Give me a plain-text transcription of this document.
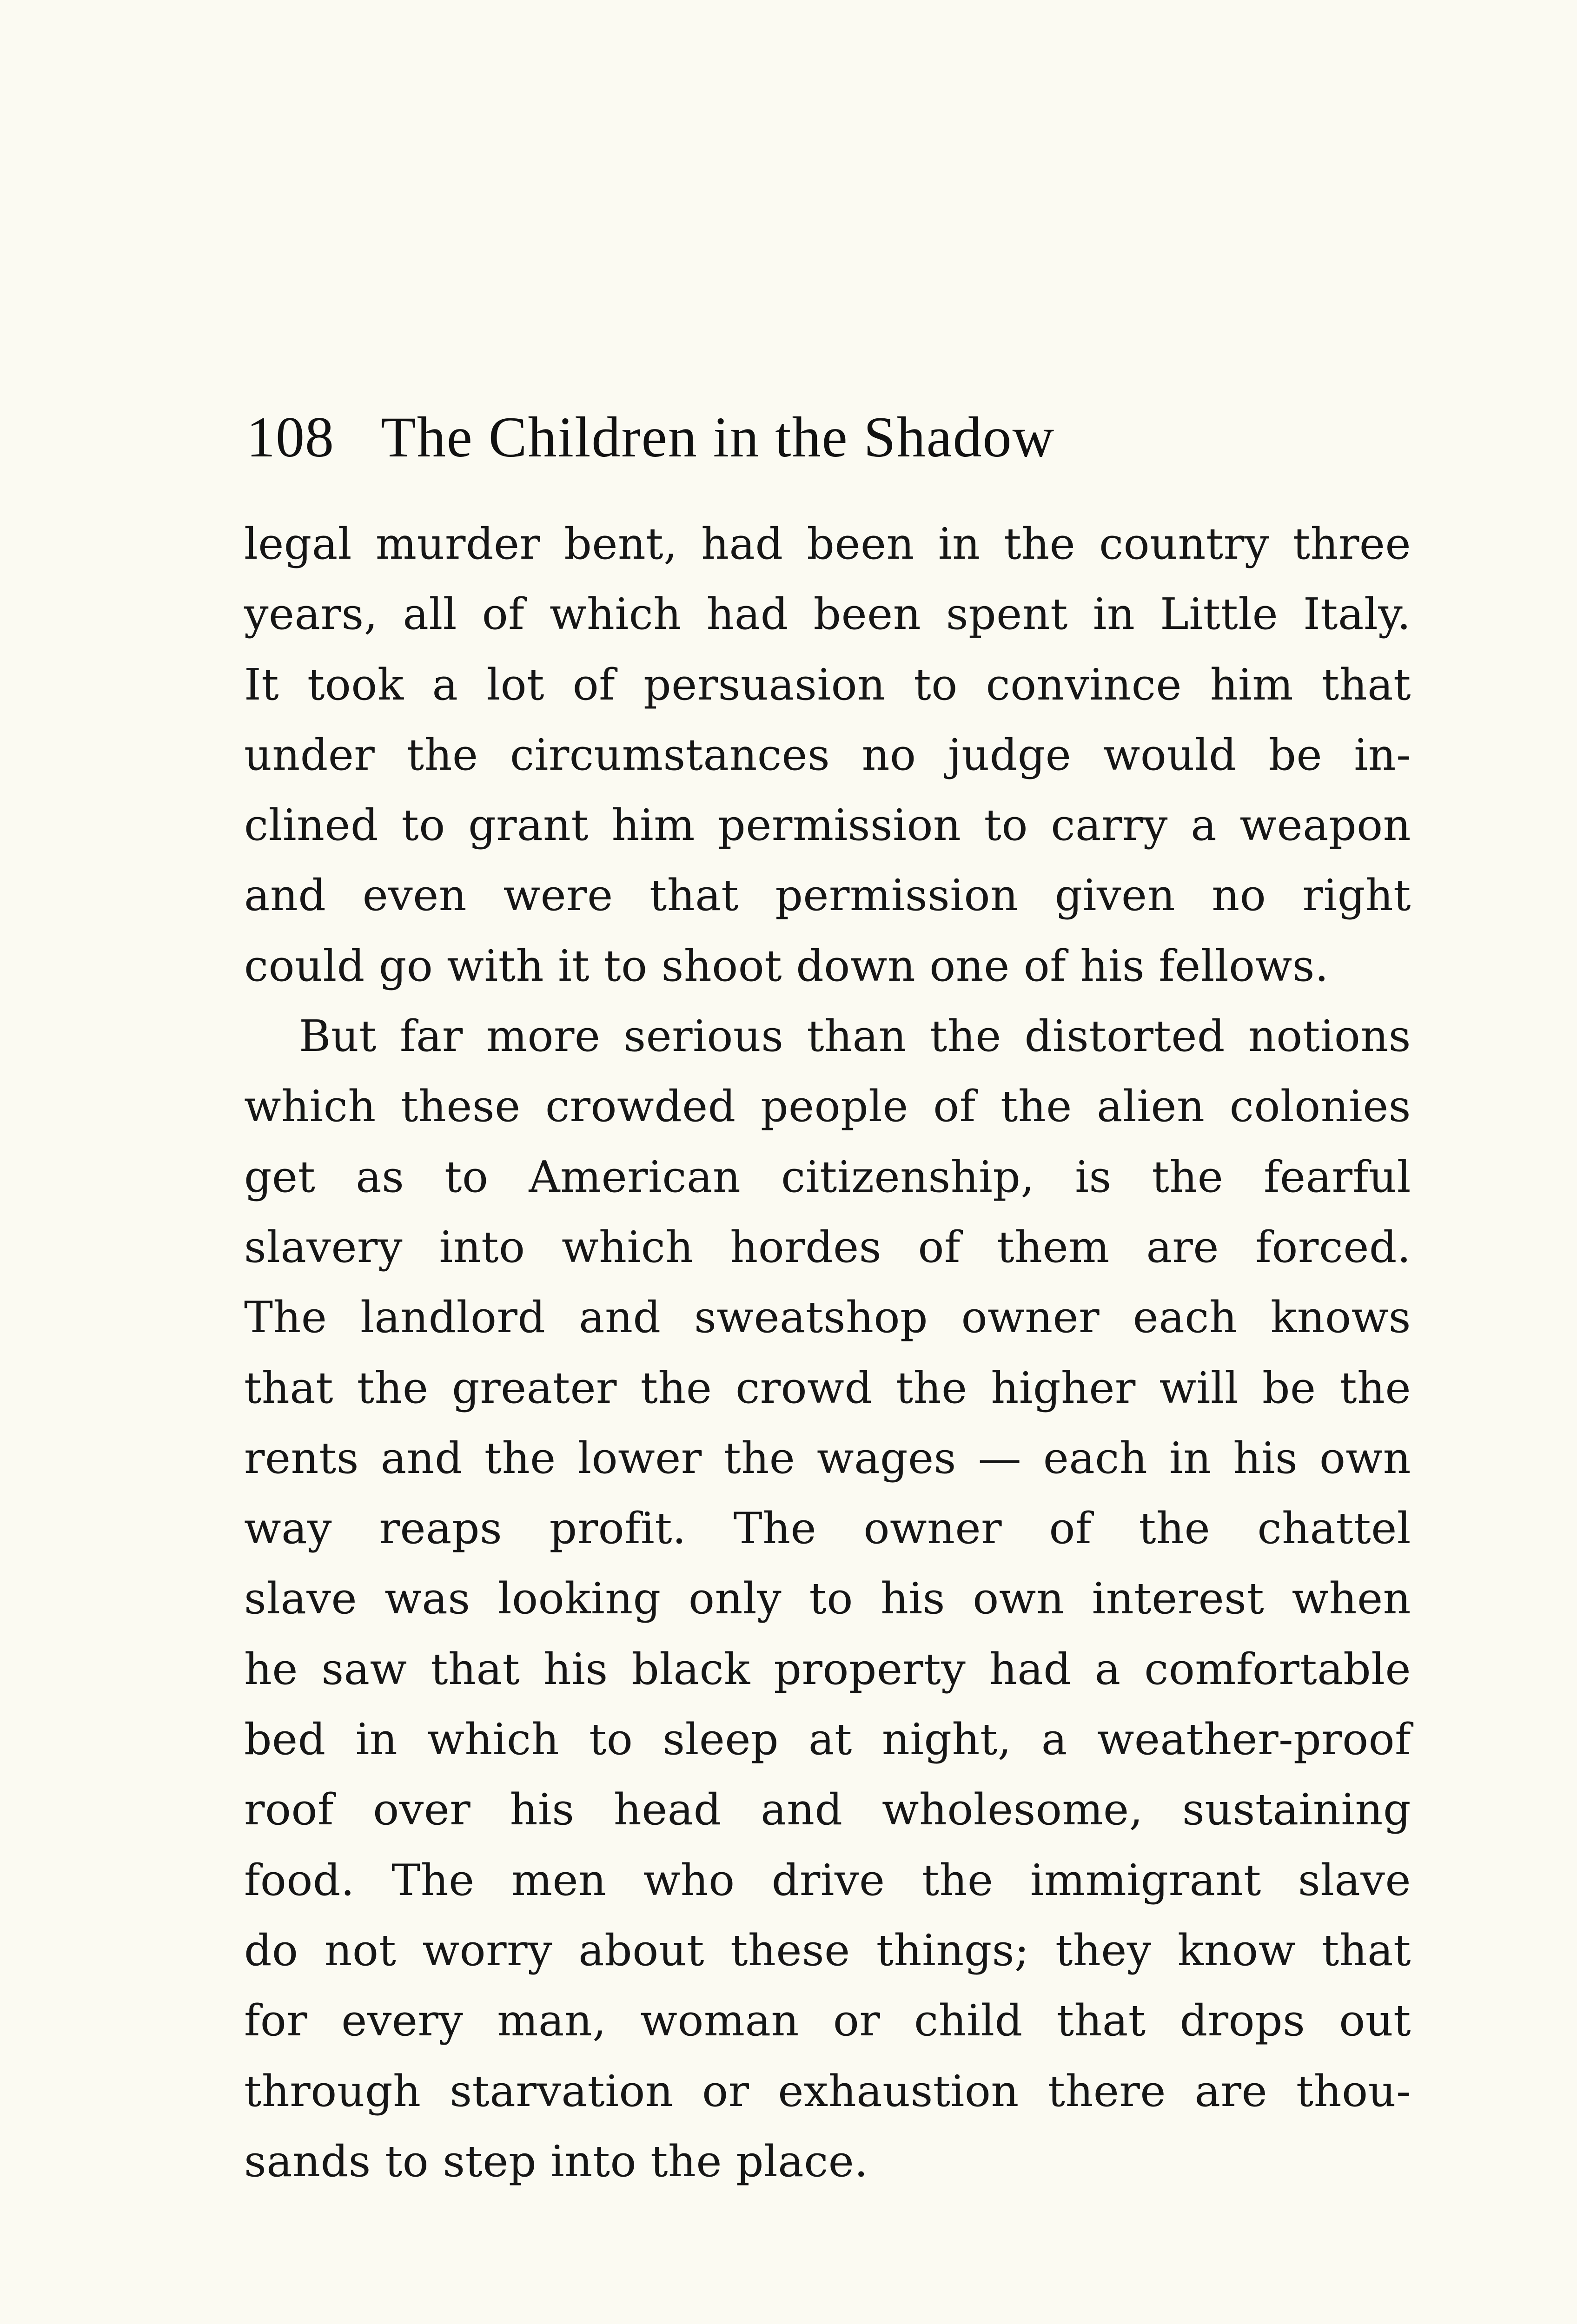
108 The Children in the Shadow
legal murder bent, had been in the country three
years, all of which had been spent in Little Italy.
It took a lot of persuasion to convince him that
under the circumstances no judge would be in-
clined to grant him permission to carry a weapon
and even were that permission given no right
could go with it to shoot down one of his fellows.
But far more serious than the distorted notions
which these crowded people of the alien colonies
get as to American citizenship, is the fearful
slavery into which hordes of them are forced.
The landlord and sweatshop owner each knows
that the greater the crowd the higher will be the
rents and the lower the wages — each in his own
way reaps profit. The owner of the chattel
slave was looking only to his own interest when
he saw that his black property had a comfortable
bed in which to sleep at night, a weather-proof
roof over his head and wholesome, sustaining
food. The men who drive the immigrant slave
do not worry about these things; they know that
for every man, woman or child that drops out
through starvation or exhaustion there are thou-
sands to step into the place.
